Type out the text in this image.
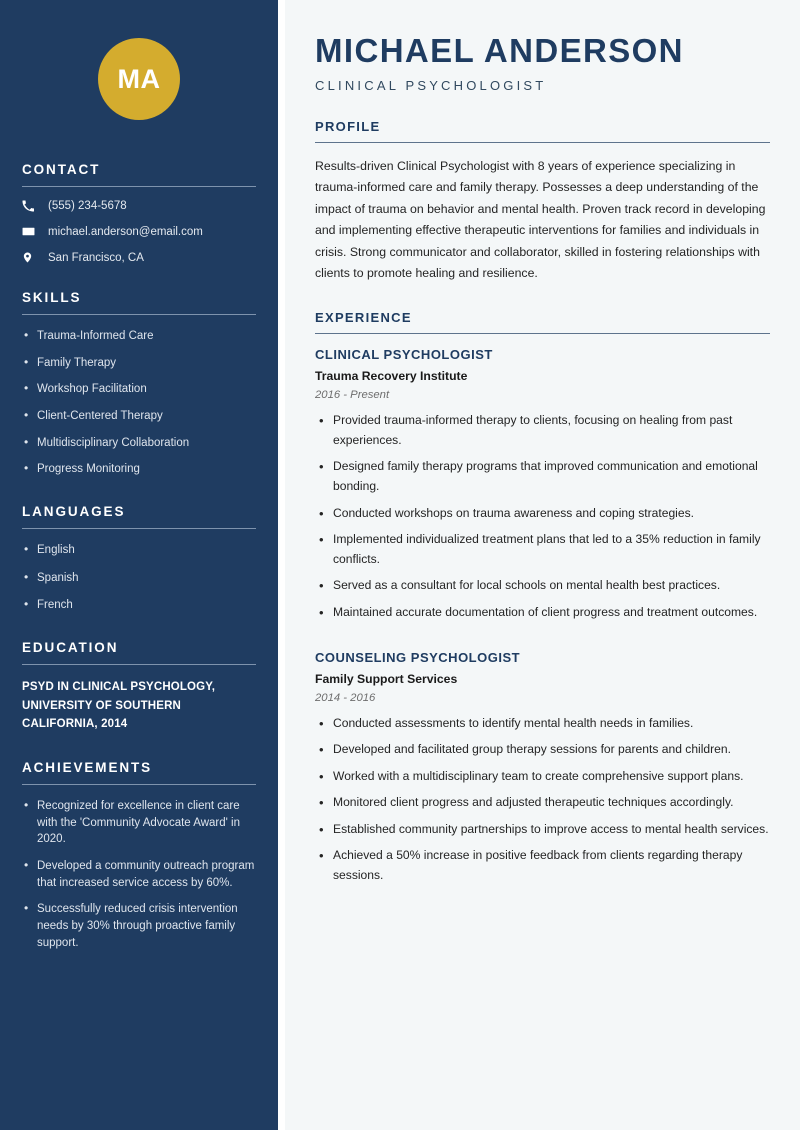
MA
CONTACT
(555) 234-5678
michael.anderson@email.com
San Francisco, CA
SKILLS
• Trauma-Informed Care
• Family Therapy
• Workshop Facilitation
• Client-Centered Therapy
• Multidisciplinary Collaboration
• Progress Monitoring
LANGUAGES
• English
• Spanish
• French
EDUCATION
PSYD IN CLINICAL PSYCHOLOGY, UNIVERSITY OF SOUTHERN CALIFORNIA, 2014
ACHIEVEMENTS
• Recognized for excellence in client care with the 'Community Advocate Award' in 2020.
• Developed a community outreach program that increased service access by 60%.
• Successfully reduced crisis intervention needs by 30% through proactive family support.
MICHAEL ANDERSON
CLINICAL PSYCHOLOGIST
PROFILE

Results-driven Clinical Psychologist with 8 years of experience specializing in trauma-informed care and family therapy. Possesses a deep understanding of the impact of trauma on behavior and mental health. Proven track record in developing and implementing effective therapeutic interventions for families and individuals in crisis. Strong communicator and collaborator, skilled in fostering relationships with clients to promote healing and resilience.

EXPERIENCE
CLINICAL PSYCHOLOGIST
Trauma Recovery Institute
2016 - Present
• Provided trauma-informed therapy to clients, focusing on healing from past experiences.
• Designed family therapy programs that improved communication and emotional bonding.
• Conducted workshops on trauma awareness and coping strategies.
• Implemented individualized treatment plans that led to a 35% reduction in family conflicts.
• Served as a consultant for local schools on mental health best practices.
• Maintained accurate documentation of client progress and treatment outcomes.
COUNSELING PSYCHOLOGIST
Family Support Services
2014 - 2016
• Conducted assessments to identify mental health needs in families.
• Developed and facilitated group therapy sessions for parents and children.
• Worked with a multidisciplinary team to create comprehensive support plans.
• Monitored client progress and adjusted therapeutic techniques accordingly.
• Established community partnerships to improve access to mental health services.
• Achieved a 50% increase in positive feedback from clients regarding therapy sessions.
